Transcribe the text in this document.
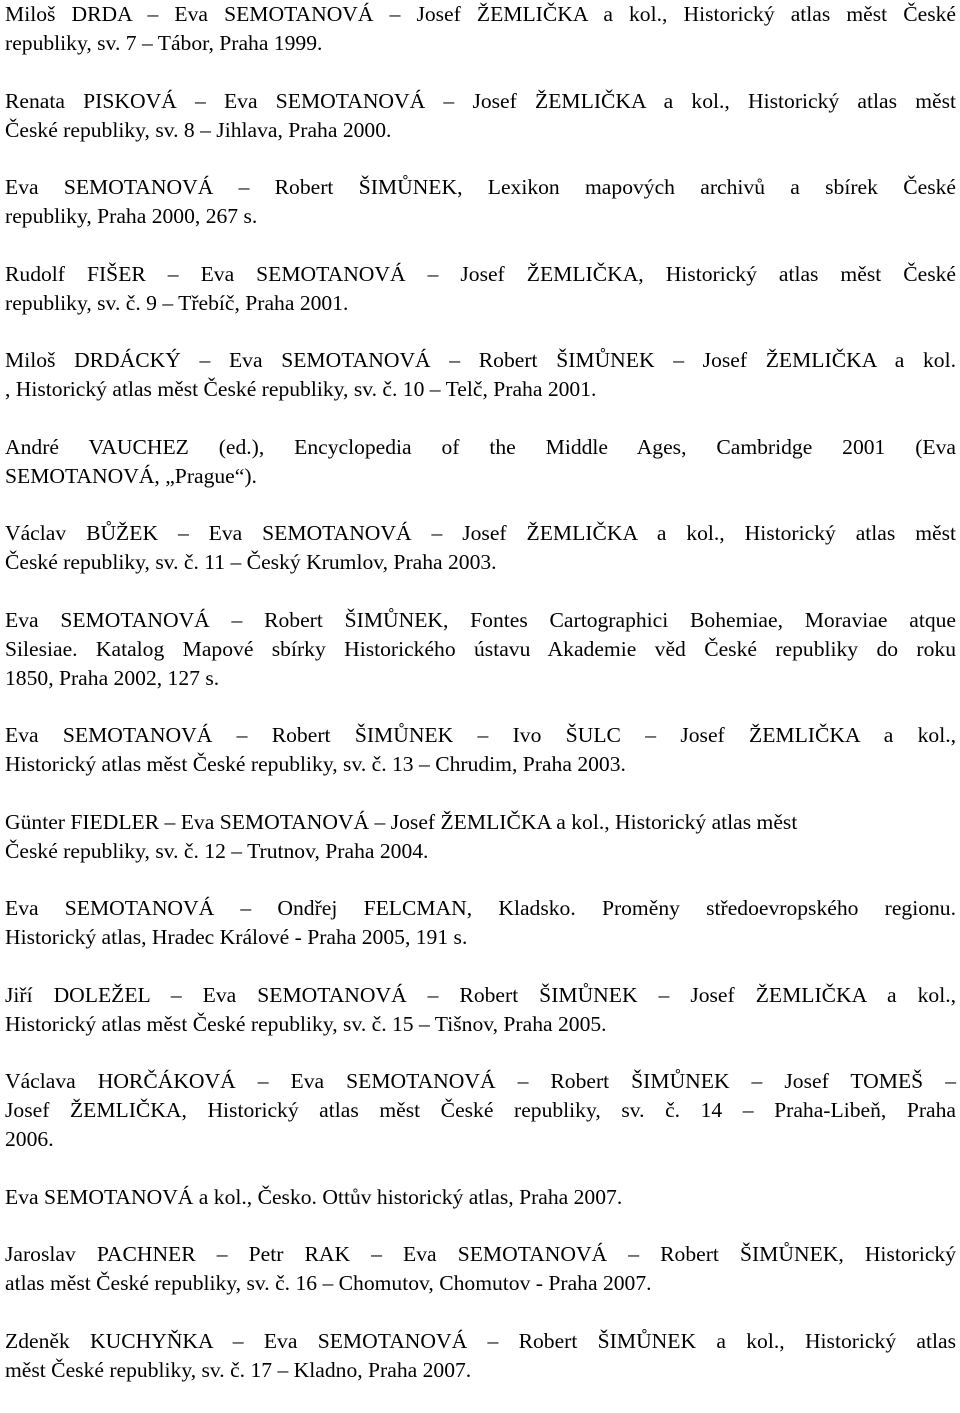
Miloš DRDA – Eva SEMOTANOVÁ – Josef ŽEMLIČKA a kol., Historický atlas měst České
republiky, sv. 7 – Tábor, Praha 1999.

Renata PISKOVÁ – Eva SEMOTANOVÁ – Josef ŽEMLIČKA a kol., Historický atlas měst
České republiky, sv. 8 – Jihlava, Praha 2000.

Eva SEMOTANOVÁ – Robert ŠIMŮNEK, Lexikon mapových archivů a sbírek České
republiky, Praha 2000, 267 s.

Rudolf FIŠER – Eva SEMOTANOVÁ – Josef ŽEMLIČKA, Historický atlas měst České
republiky, sv. č. 9 – Třebíč, Praha 2001.

Miloš DRDÁCKÝ – Eva SEMOTANOVÁ – Robert ŠIMŮNEK – Josef ŽEMLIČKA a kol.
, Historický atlas měst České republiky, sv. č. 10 – Telč, Praha 2001.

André VAUCHEZ (ed.), Encyclopedia of the Middle Ages, Cambridge 2001 (Eva
SEMOTANOVÁ, „Prague“).

Václav BŮŽEK – Eva SEMOTANOVÁ – Josef ŽEMLIČKA a kol., Historický atlas měst
České republiky, sv. č. 11 – Český Krumlov, Praha 2003.

Eva SEMOTANOVÁ – Robert ŠIMŮNEK, Fontes Cartographici Bohemiae, Moraviae atque
Silesiae. Katalog Mapové sbírky Historického ústavu Akademie věd České republiky do roku
1850, Praha 2002, 127 s.

Eva SEMOTANOVÁ – Robert ŠIMŮNEK – Ivo ŠULC – Josef ŽEMLIČKA a kol.,
Historický atlas měst České republiky, sv. č. 13 – Chrudim, Praha 2003.

Günter FIEDLER – Eva SEMOTANOVÁ – Josef ŽEMLIČKA a kol., Historický atlas měst
České republiky, sv. č. 12 – Trutnov, Praha 2004.

Eva SEMOTANOVÁ – Ondřej FELCMAN, Kladsko. Proměny středoevropského regionu.
Historický atlas, Hradec Králové - Praha 2005, 191 s.

Jiří DOLEŽEL – Eva SEMOTANOVÁ – Robert ŠIMŮNEK – Josef ŽEMLIČKA a kol.,
Historický atlas měst České republiky, sv. č. 15 – Tišnov, Praha 2005.

Václava HORČÁKOVÁ – Eva SEMOTANOVÁ – Robert ŠIMŮNEK – Josef TOMEŠ –
Josef ŽEMLIČKA, Historický atlas měst České republiky, sv. č. 14 – Praha-Libeň, Praha
2006.

Eva SEMOTANOVÁ a kol., Česko. Ottův historický atlas, Praha 2007.

Jaroslav PACHNER – Petr RAK – Eva SEMOTANOVÁ – Robert ŠIMŮNEK, Historický
atlas měst České republiky, sv. č. 16 – Chomutov, Chomutov - Praha 2007.

Zdeněk KUCHYŇKA – Eva SEMOTANOVÁ – Robert ŠIMŮNEK a kol., Historický atlas
měst České republiky, sv. č. 17 – Kladno, Praha 2007.
